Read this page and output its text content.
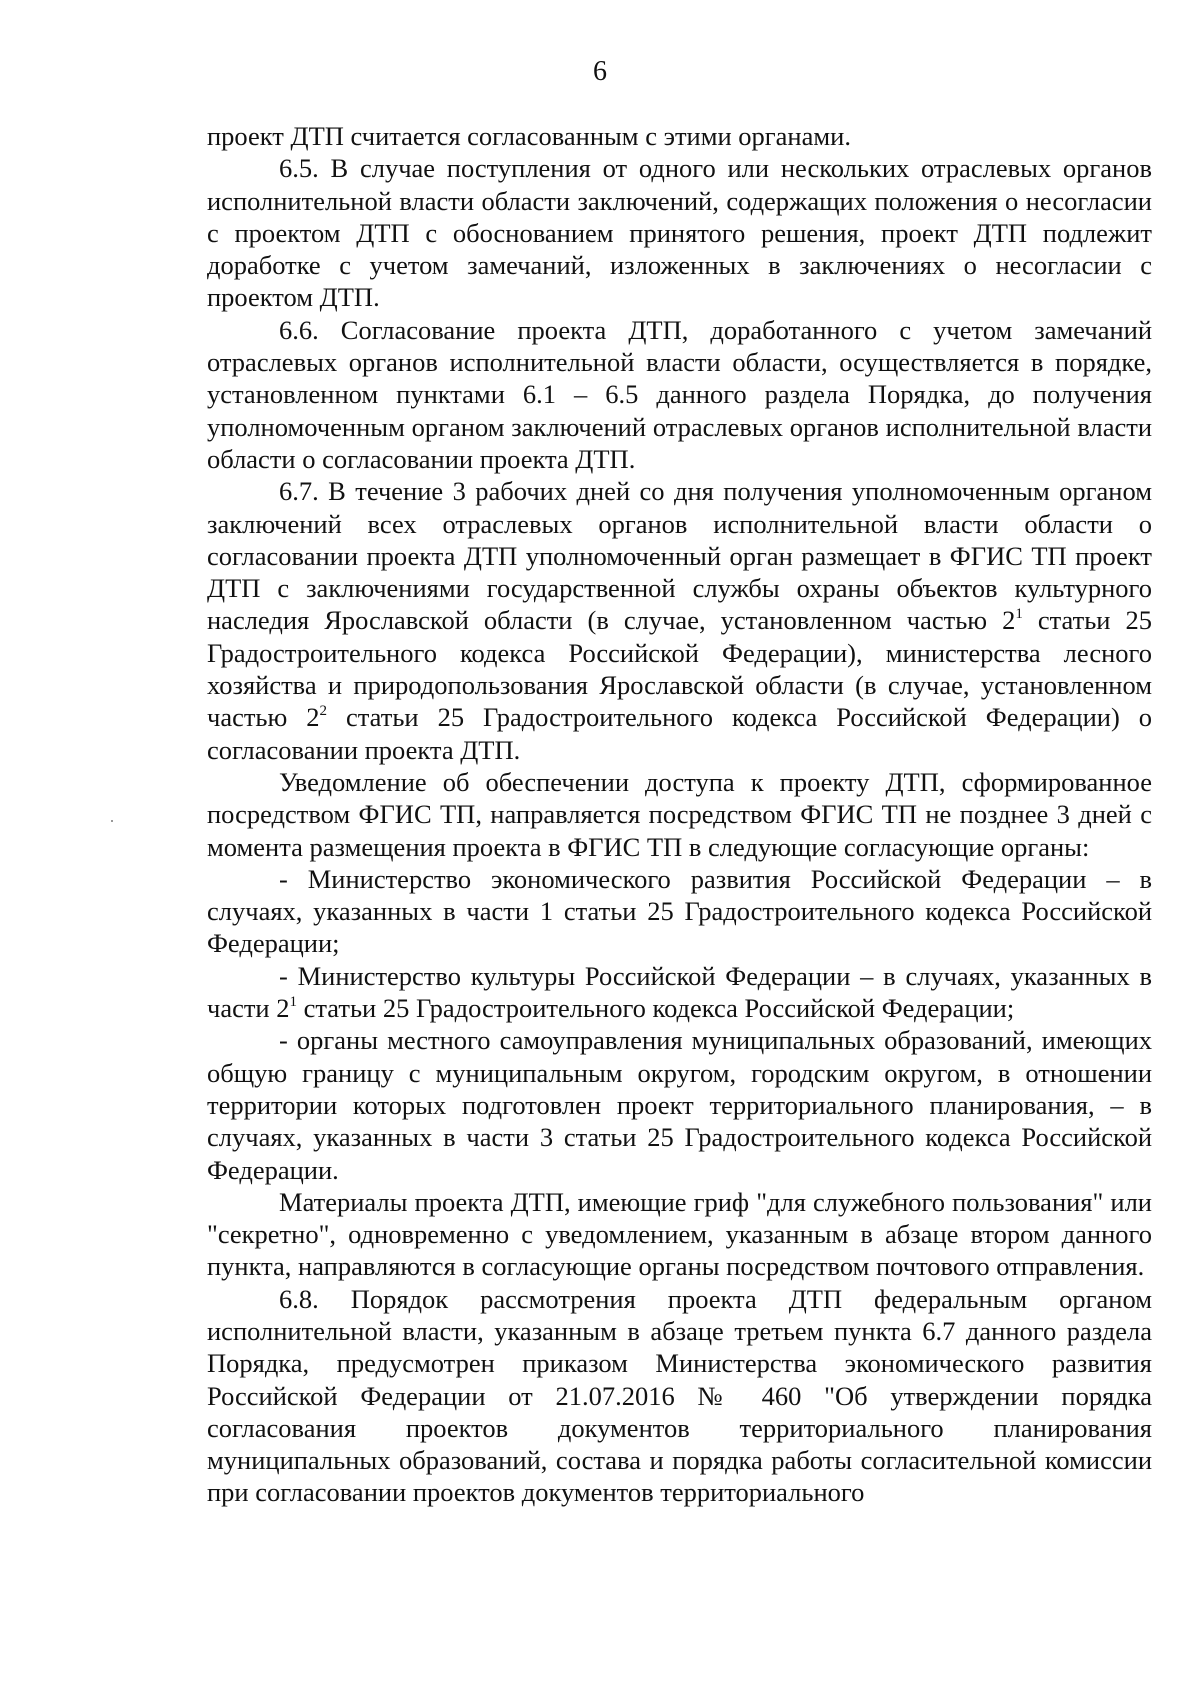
6

проект ДТП считается согласованным с этими органами.

6.5. В случае поступления от одного или нескольких отраслевых органов исполнительной власти области заключений, содержащих положения о несогласии с проектом ДТП с обоснованием принятого решения, проект ДТП подлежит доработке с учетом замечаний, изложенных в заключениях о несогласии с проектом ДТП.

6.6. Согласование проекта ДТП, доработанного с учетом замечаний отраслевых органов исполнительной власти области, осуществляется в порядке, установленном пунктами 6.1 – 6.5 данного раздела Порядка, до получения уполномоченным органом заключений отраслевых органов исполнительной власти области о согласовании проекта ДТП.

6.7. В течение 3 рабочих дней со дня получения уполномоченным органом заключений всех отраслевых органов исполнительной власти области о согласовании проекта ДТП уполномоченный орган размещает в ФГИС ТП проект ДТП с заключениями государственной службы охраны объектов культурного наследия Ярославской области (в случае, установленном частью $2^1$ статьи 25 Градостроительного кодекса Российской Федерации), министерства лесного хозяйства и природопользования Ярославской области (в случае, установленном частью $2^2$ статьи 25 Градостроительного кодекса Российской Федерации) о согласовании проекта ДТП.

Уведомление об обеспечении доступа к проекту ДТП, сформированное посредством ФГИС ТП, направляется посредством ФГИС ТП не позднее 3 дней с момента размещения проекта в ФГИС ТП в следующие согласующие органы:

- Министерство экономического развития Российской Федерации – в случаях, указанных в части 1 статьи 25 Градостроительного кодекса Российской Федерации;

- Министерство культуры Российской Федерации – в случаях, указанных в части $2^1$ статьи 25 Градостроительного кодекса Российской Федерации;

- органы местного самоуправления муниципальных образований, имеющих общую границу с муниципальным округом, городским округом, в отношении территории которых подготовлен проект территориального планирования, – в случаях, указанных в части 3 статьи 25 Градостроительного кодекса Российской Федерации.

Материалы проекта ДТП, имеющие гриф "для служебного пользования" или "секретно", одновременно с уведомлением, указанным в абзаце втором данного пункта, направляются в согласующие органы посредством почтового отправления.

6.8. Порядок рассмотрения проекта ДТП федеральным органом исполнительной власти, указанным в абзаце третьем пункта 6.7 данного раздела Порядка, предусмотрен приказом Министерства экономического развития Российской Федерации от 21.07.2016 № 460 "Об утверждении порядка согласования проектов документов территориального планирования муниципальных образований, состава и порядка работы согласительной комиссии при согласовании проектов документов территориального
